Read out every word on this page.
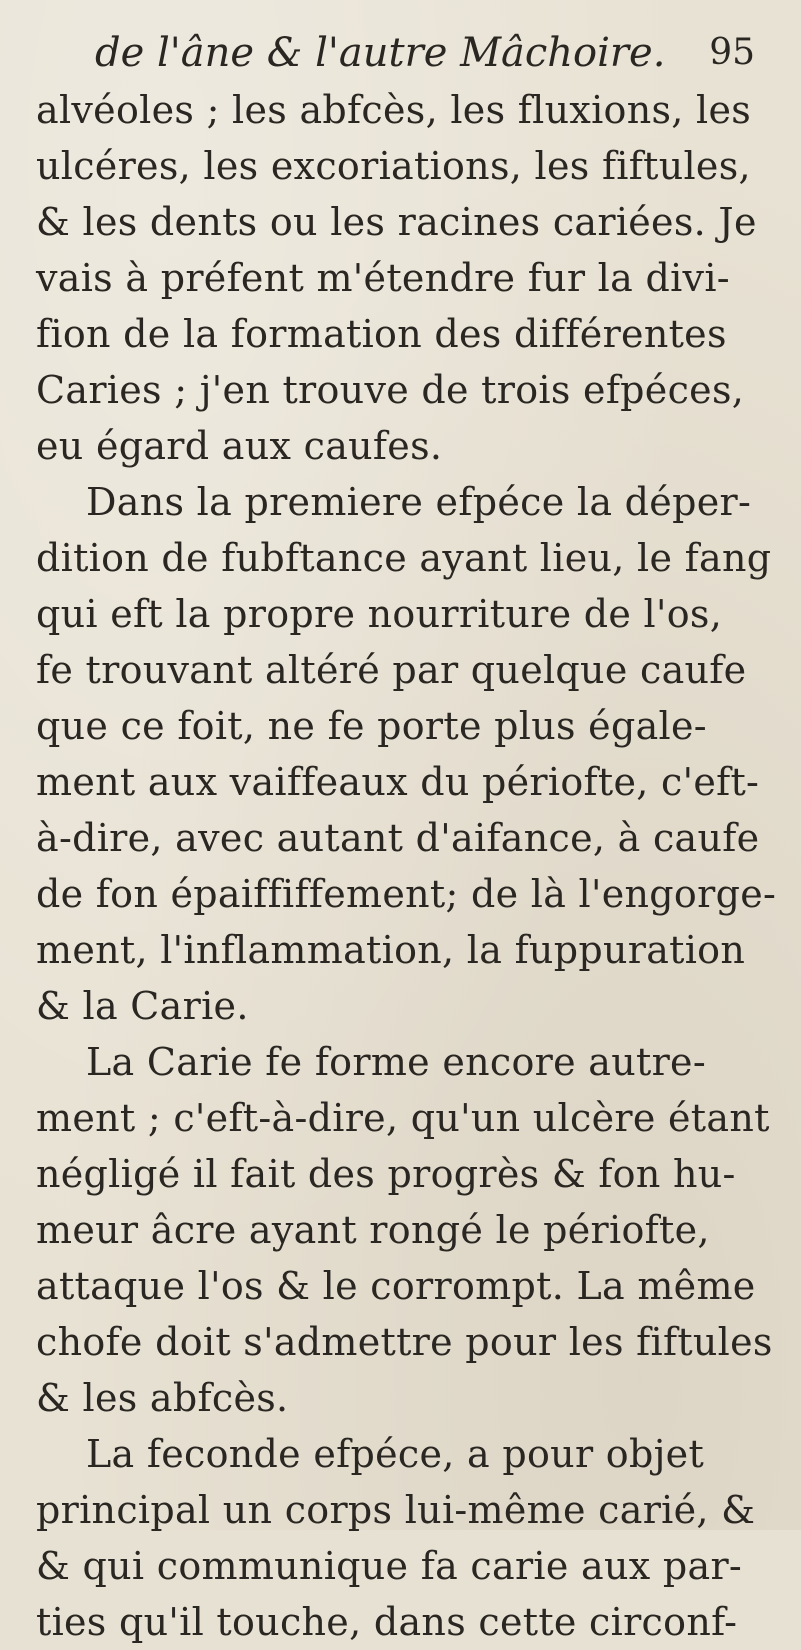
de l'âne & l'autre Mâchoire. 95
alvéoles ; les abfcès, les fluxions, les
ulcéres, les excoriations, les fiftules,
& les dents ou les racines cariées. Je
vais à préfent m'étendre fur la divi-
fion de la formation des différentes
Caries ; j'en trouve de trois efpéces,
eu égard aux caufes.
Dans la premiere efpéce la déper-
dition de fubftance ayant lieu, le fang
qui eft la propre nourriture de l'os,
fe trouvant altéré par quelque caufe
que ce foit, ne fe porte plus égale-
ment aux vaiffeaux du périofte, c'eft-
à-dire, avec autant d'aifance, à caufe
de fon épaiffiffement; de là l'engorge-
ment, l'inflammation, la fuppuration
& la Carie.
La Carie fe forme encore autre-
ment ; c'eft-à-dire, qu'un ulcère étant
négligé il fait des progrès & fon hu-
meur âcre ayant rongé le périofte,
attaque l'os & le corrompt. La même
chofe doit s'admettre pour les fiftules
& les abfcès.
La feconde efpéce, a pour objet
principal un corps lui-même carié, &
& qui communique fa carie aux par-
ties qu'il touche, dans cette circonf-
